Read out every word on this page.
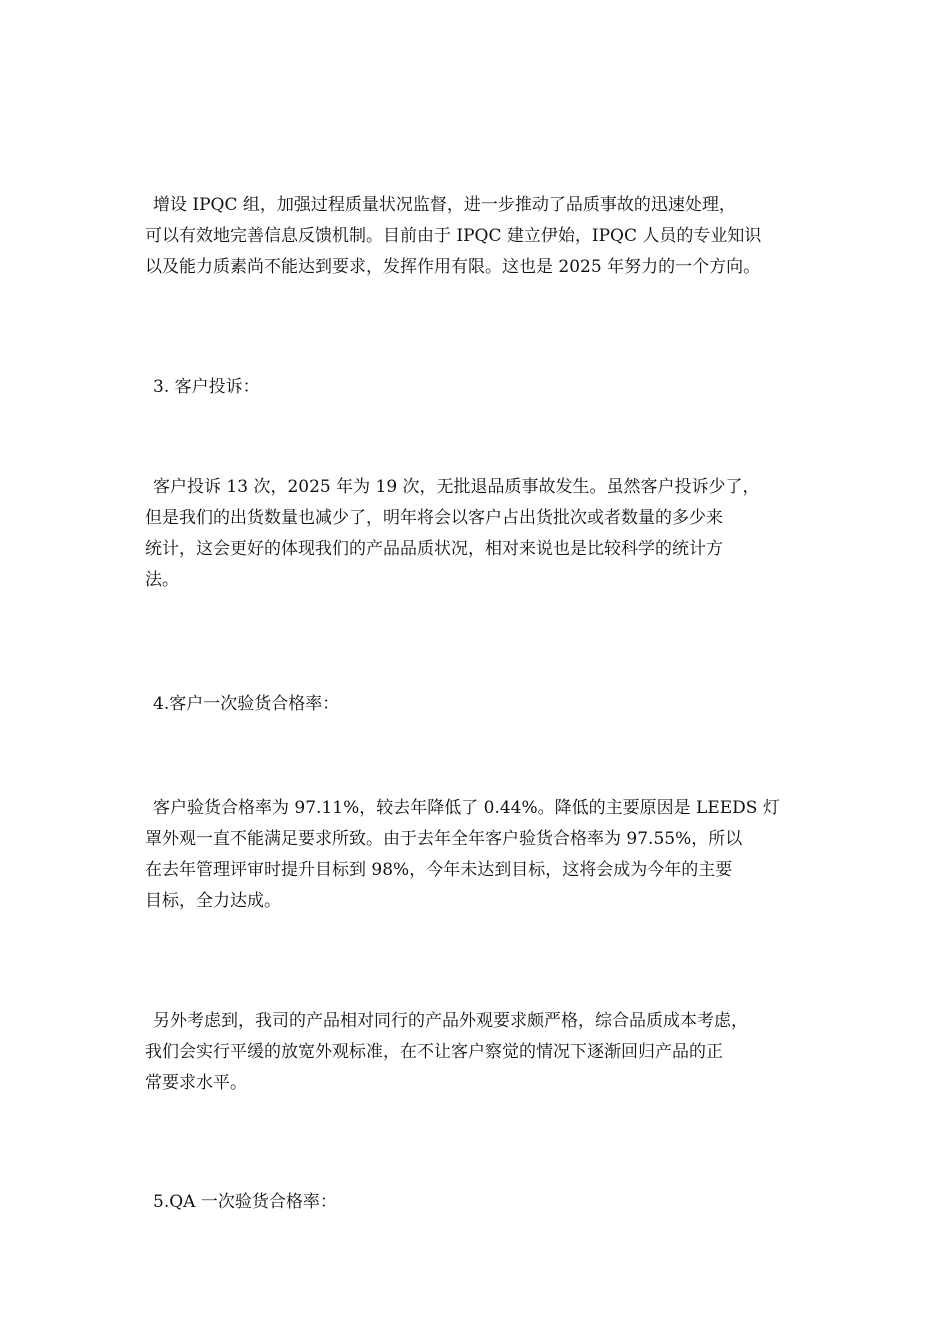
增设 IPQC 组，加强过程质量状况监督，进一步推动了品质事故的迅速处理，
可以有效地完善信息反馈机制。目前由于 IPQC 建立伊始，IPQC 人员的专业知识
以及能力质素尚不能达到要求，发挥作用有限。这也是 2025 年努力的一个方向。

3. 客户投诉：

客户投诉 13 次，2025 年为 19 次，无批退品质事故发生。虽然客户投诉少了，
但是我们的出货数量也减少了，明年将会以客户占出货批次或者数量的多少来
统计，这会更好的体现我们的产品品质状况，相对来说也是比较科学的统计方
法。

4.客户一次验货合格率：

客户验货合格率为 97.11%，较去年降低了 0.44%。降低的主要原因是 LEEDS 灯
罩外观一直不能满足要求所致。由于去年全年客户验货合格率为 97.55%，所以
在去年管理评审时提升目标到 98%，今年未达到目标，这将会成为今年的主要
目标，全力达成。

另外考虑到，我司的产品相对同行的产品外观要求颇严格，综合品质成本考虑，
我们会实行平缓的放宽外观标准，在不让客户察觉的情况下逐渐回归产品的正
常要求水平。

5.QA 一次验货合格率：
